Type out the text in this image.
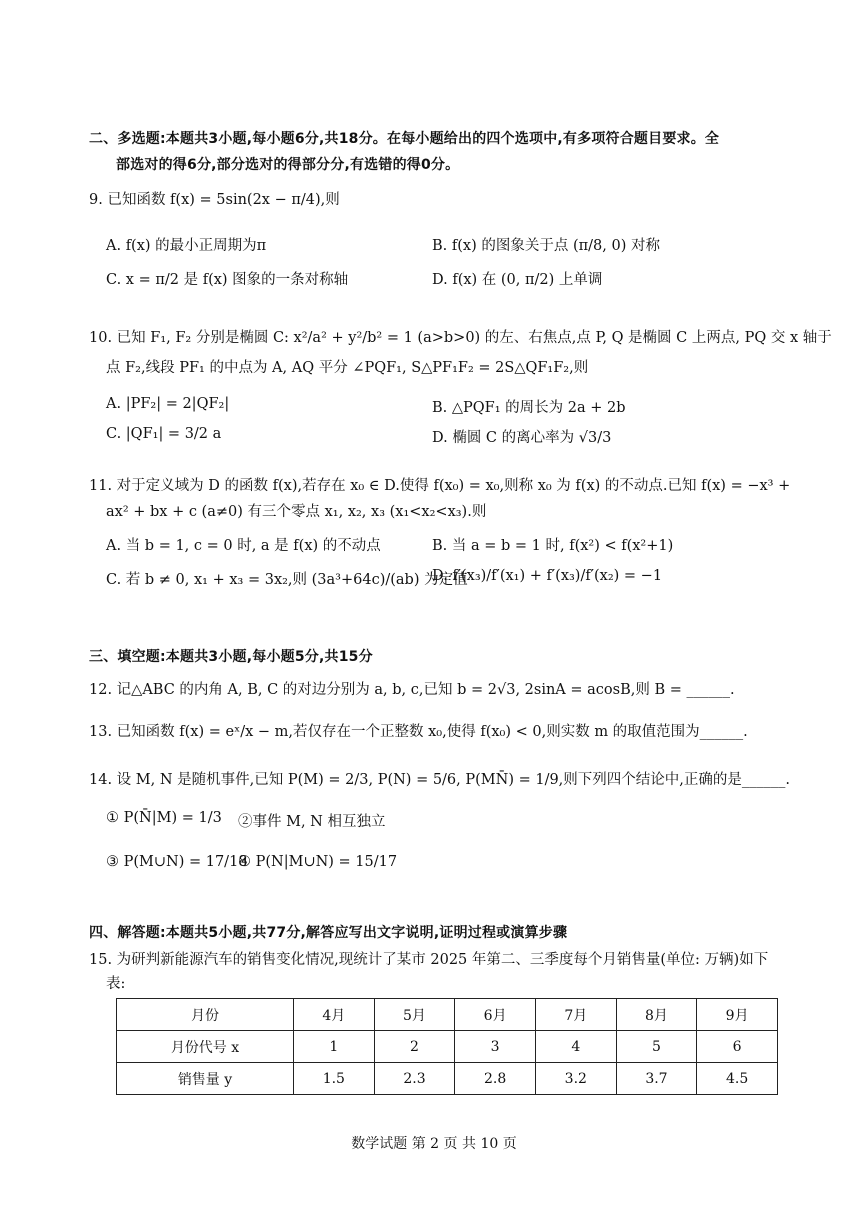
二、多选题:本题共3小题,每小题6分,共18分。在每小题给出的四个选项中,有多项符合题目要求。全
部选对的得6分,部分选对的得部分分,有选错的得0分。
9. 已知函数 f(x) = 5sin(2x − π/4),则
A. f(x) 的最小正周期为π	B. f(x) 的图象关于点 (π/8, 0) 对称
C. x = π/2 是 f(x) 图象的一条对称轴	D. f(x) 在 (0, π/2) 上单调
10. 已知 F₁, F₂ 分别是椭圆 C: x²/a² + y²/b² = 1 (a>b>0) 的左、右焦点,点 P, Q 是椭圆 C 上两点, PQ 交 x 轴于
点 F₂,线段 PF₁ 的中点为 A, AQ 平分 ∠PQF₁, S△PF₁F₂ = 2S△QF₁F₂,则
A. |PF₂| = 2|QF₂|	B. △PQF₁ 的周长为 2a + 2b
C. |QF₁| = 3/2 a	D. 椭圆 C 的离心率为 √3/3
11. 对于定义域为 D 的函数 f(x),若存在 x₀ ∈ D.使得 f(x₀) = x₀,则称 x₀ 为 f(x) 的不动点.已知 f(x) = −x³ +
ax² + bx + c (a≠0) 有三个零点 x₁, x₂, x₃ (x₁<x₂<x₃).则
A. 当 b = 1, c = 0 时, a 是 f(x) 的不动点	B. 当 a = b = 1 时, f(x²) < f(x²+1)
C. 若 b ≠ 0, x₁ + x₃ = 3x₂,则 (3a³+64c)/(ab) 为定值
D. f′(x₃)/f′(x₁) + f′(x₃)/f′(x₂) = −1
三、填空题:本题共3小题,每小题5分,共15分
12. 记△ABC 的内角 A, B, C 的对边分别为 a, b, c,已知 b = 2√3, 2sinA = acosB,则 B = ______.
13. 已知函数 f(x) = eˣ/x − m,若仅存在一个正整数 x₀,使得 f(x₀) < 0,则实数 m 的取值范围为______.
14. 设 M, N 是随机事件,已知 P(M) = 2/3, P(N) = 5/6, P(MN̄) = 1/9,则下列四个结论中,正确的是______.
① P(N̄|M) = 1/3 ②事件 M, N 相互独立
③ P(M∪N) = 17/18
④ P(N|M∪N) = 15/17
四、解答题:本题共5小题,共77分,解答应写出文字说明,证明过程或演算步骤
15. 为研判新能源汽车的销售变化情况,现统计了某市 2025 年第二、三季度每个月销售量(单位: 万辆)如下
表:
月份	4月	5月	6月	7月	8月	9月
月份代号 x	1	2	3	4	5	6
销售量 y	1.5	2.3	2.8	3.2	3.7	4.5
数学试题 第 2 页 共 10 页
